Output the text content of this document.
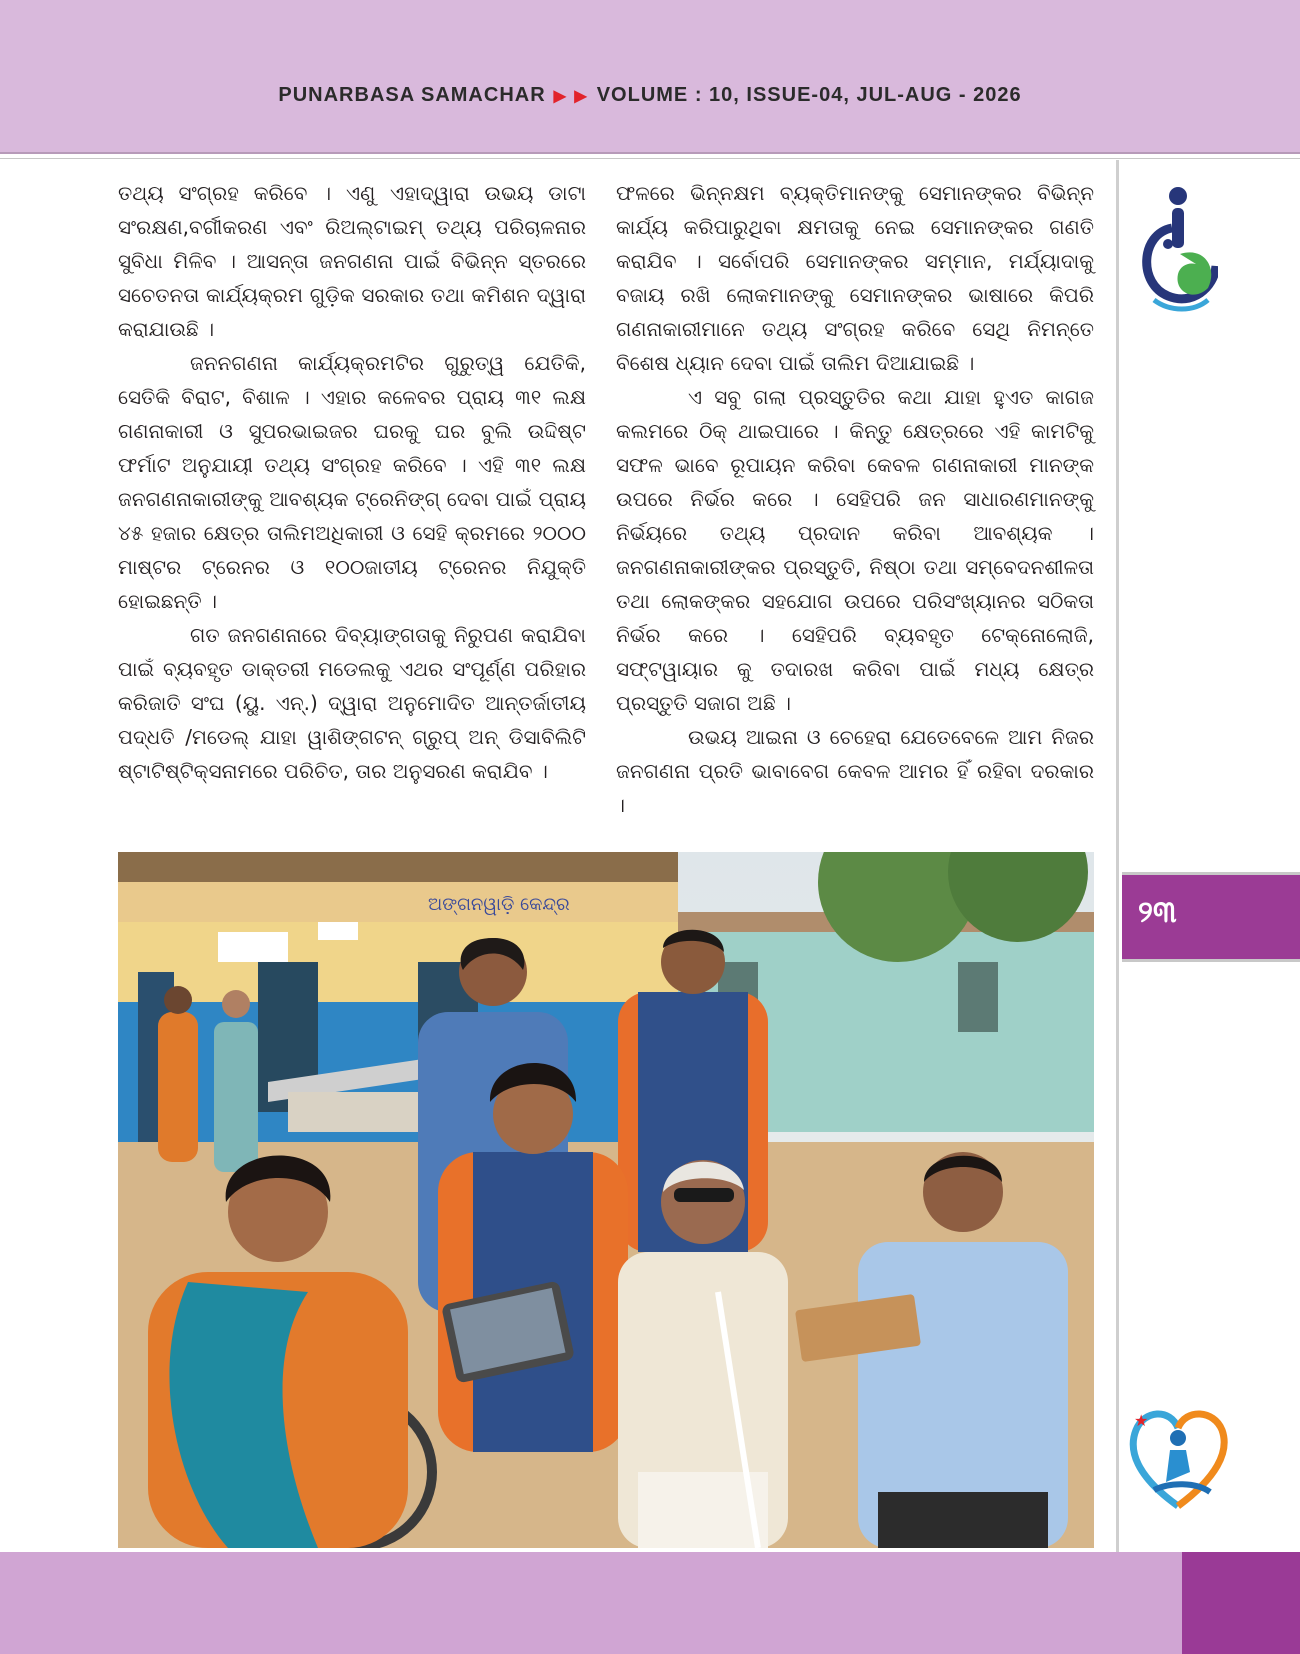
PUNARBASA SAMACHAR ▶ ▶ VOLUME : 10, ISSUE-04, JUL-AUG - 2026

ତଥ୍ୟ ସଂଗ୍ରହ କରିବେ । ଏଣୁ ଏହାଦ୍ୱାରା ଉଭୟ ଡାଟା ସଂରକ୍ଷଣ,ବର୍ଗୀକରଣ ଏବଂ ରିଅଲ୍ଟାଇମ୍ ତଥ୍ୟ ପରିଚାଳନାର ସୁବିଧା ମିଳିବ । ଆସନ୍ତା ଜନଗଣନା ପାଇଁ ବିଭିନ୍ନ ସ୍ତରରେ ସଚେତନତା କାର୍ଯ୍ୟକ୍ରମ ଗୁଡ଼ିକ ସରକାର ତଥା କମିଶନ ଦ୍ୱାରା କରାଯାଉଛି ।

ଜନନଗଣନା କାର୍ଯ୍ୟକ୍ରମଟିର ଗୁରୁତ୍ୱ ଯେତିକି, ସେତିକି ବିରାଟ, ବିଶାଳ । ଏହାର କଳେବର ପ୍ରାୟ ୩୧ ଲକ୍ଷ ଗଣନାକାରୀ ଓ ସୁପରଭାଇଜର ଘରକୁ ଘର ବୁଲି ଉଦ୍ଦିଷ୍ଟ ଫର୍ମାଟ ଅନୁଯାୟୀ ତଥ୍ୟ ସଂଗ୍ରହ କରିବେ । ଏହି ୩୧ ଲକ୍ଷ ଜନଗଣନାକାରୀଙ୍କୁ ଆବଶ୍ୟକ ଟ୍ରେନିଙ୍ଗ୍ ଦେବା ପାଇଁ ପ୍ରାୟ ୪୫ ହଜାର କ୍ଷେତ୍ର ତାଲିମଅଧିକାରୀ ଓ ସେହି କ୍ରମରେ ୨୦୦୦ ମାଷ୍ଟର ଟ୍ରେନର ଓ ୧୦୦ଜାତୀୟ ଟ୍ରେନର ନିଯୁକ୍ତି ହୋଇଛନ୍ତି ।

ଗତ ଜନଗଣନାରେ ଦିବ୍ୟାଙ୍ଗତାକୁ ନିରୁପଣ କରାଯିବା ପାଇଁ ବ୍ୟବହୃତ ଡାକ୍ତରୀ ମଡେଲକୁ ଏଥର ସଂପୂର୍ଣ୍ଣ ପରିହାର କରିଜାତି ସଂଘ (ୟୁ. ଏନ୍.) ଦ୍ୱାରା ଅନୁମୋଦିତ ଆନ୍ତର୍ଜାତୀୟ ପଦ୍ଧତି /ମଡେଲ୍ ଯାହା ୱାଶିଙ୍ଗଟନ୍ ଗ୍ରୁପ୍ ଅନ୍ ଡିସାବିଲିଟି ଷ୍ଟାଟିଷ୍ଟିକ୍ସନାମରେ ପରିଚିତ, ତାର ଅନୁସରଣ କରାଯିବ ।

ଫଳରେ ଭିନ୍ନକ୍ଷମ ବ୍ୟକ୍ତିମାନଙ୍କୁ ସେମାନଙ୍କର ବିଭିନ୍ନ କାର୍ଯ୍ୟ କରିପାରୁଥିବା କ୍ଷମତାକୁ ନେଇ ସେମାନଙ୍କର ଗଣତି କରାଯିବ । ସର୍ବୋପରି ସେମାନଙ୍କର ସମ୍ମାନ, ମର୍ଯ୍ୟାଦାକୁ ବଜାୟ ରଖି ଲୋକମାନଙ୍କୁ ସେମାନଙ୍କର ଭାଷାରେ କିପରି ଗଣନାକାରୀମାନେ ତଥ୍ୟ ସଂଗ୍ରହ କରିବେ ସେଥି ନିମନ୍ତେ ବିଶେଷ ଧ୍ୟାନ ଦେବା ପାଇଁ ତାଲିମ ଦିଆଯାଇଛି ।

ଏ ସବୁ ଗଲା ପ୍ରସ୍ତୁତିର କଥା ଯାହା ହୁଏତ କାଗଜ କଲମରେ ଠିକ୍ ଥାଇପାରେ । କିନ୍ତୁ କ୍ଷେତ୍ରରେ ଏହି କାମଟିକୁ ସଫଳ ଭାବେ ରୂପାୟନ କରିବା କେବଳ ଗଣନାକାରୀ ମାନଙ୍କ ଉପରେ ନିର୍ଭର କରେ । ସେହିପରି ଜନ ସାଧାରଣମାନଙ୍କୁ ନିର୍ଭୟରେ ତଥ୍ୟ ପ୍ରଦାନ କରିବା ଆବଶ୍ୟକ ।ଜନଗଣନାକାରୀଙ୍କର ପ୍ରସ୍ତୁତି, ନିଷ୍ଠା ତଥା ସମ୍ବେଦନଶୀଳତା ତଥା ଲୋକଙ୍କର ସହଯୋଗ ଉପରେ ପରିସଂଖ୍ୟାନର ସଠିକତା ନିର୍ଭର କରେ । ସେହିପରି ବ୍ୟବହୃତ ଟେକ୍ନୋଲୋଜି, ସଫ୍ଟୱାୟାର କୁ ତଦାରଖ କରିବା ପାଇଁ ମଧ୍ୟ କ୍ଷେତ୍ର ପ୍ରସ୍ତୁତି ସଜାଗ ଅଛି ।

ଉଭୟ ଆଇନା ଓ ଚେହେରା ଯେତେବେଳେ ଆମ ନିଜର ଜନଗଣନା ପ୍ରତି ଭାବାବେଗ କେବଳ ଆମର ହିଁ ରହିବା ଦରକାର ।

ଅଙ୍ଗନୱାଡ଼ି କେନ୍ଦ୍ର	୨୩
★
